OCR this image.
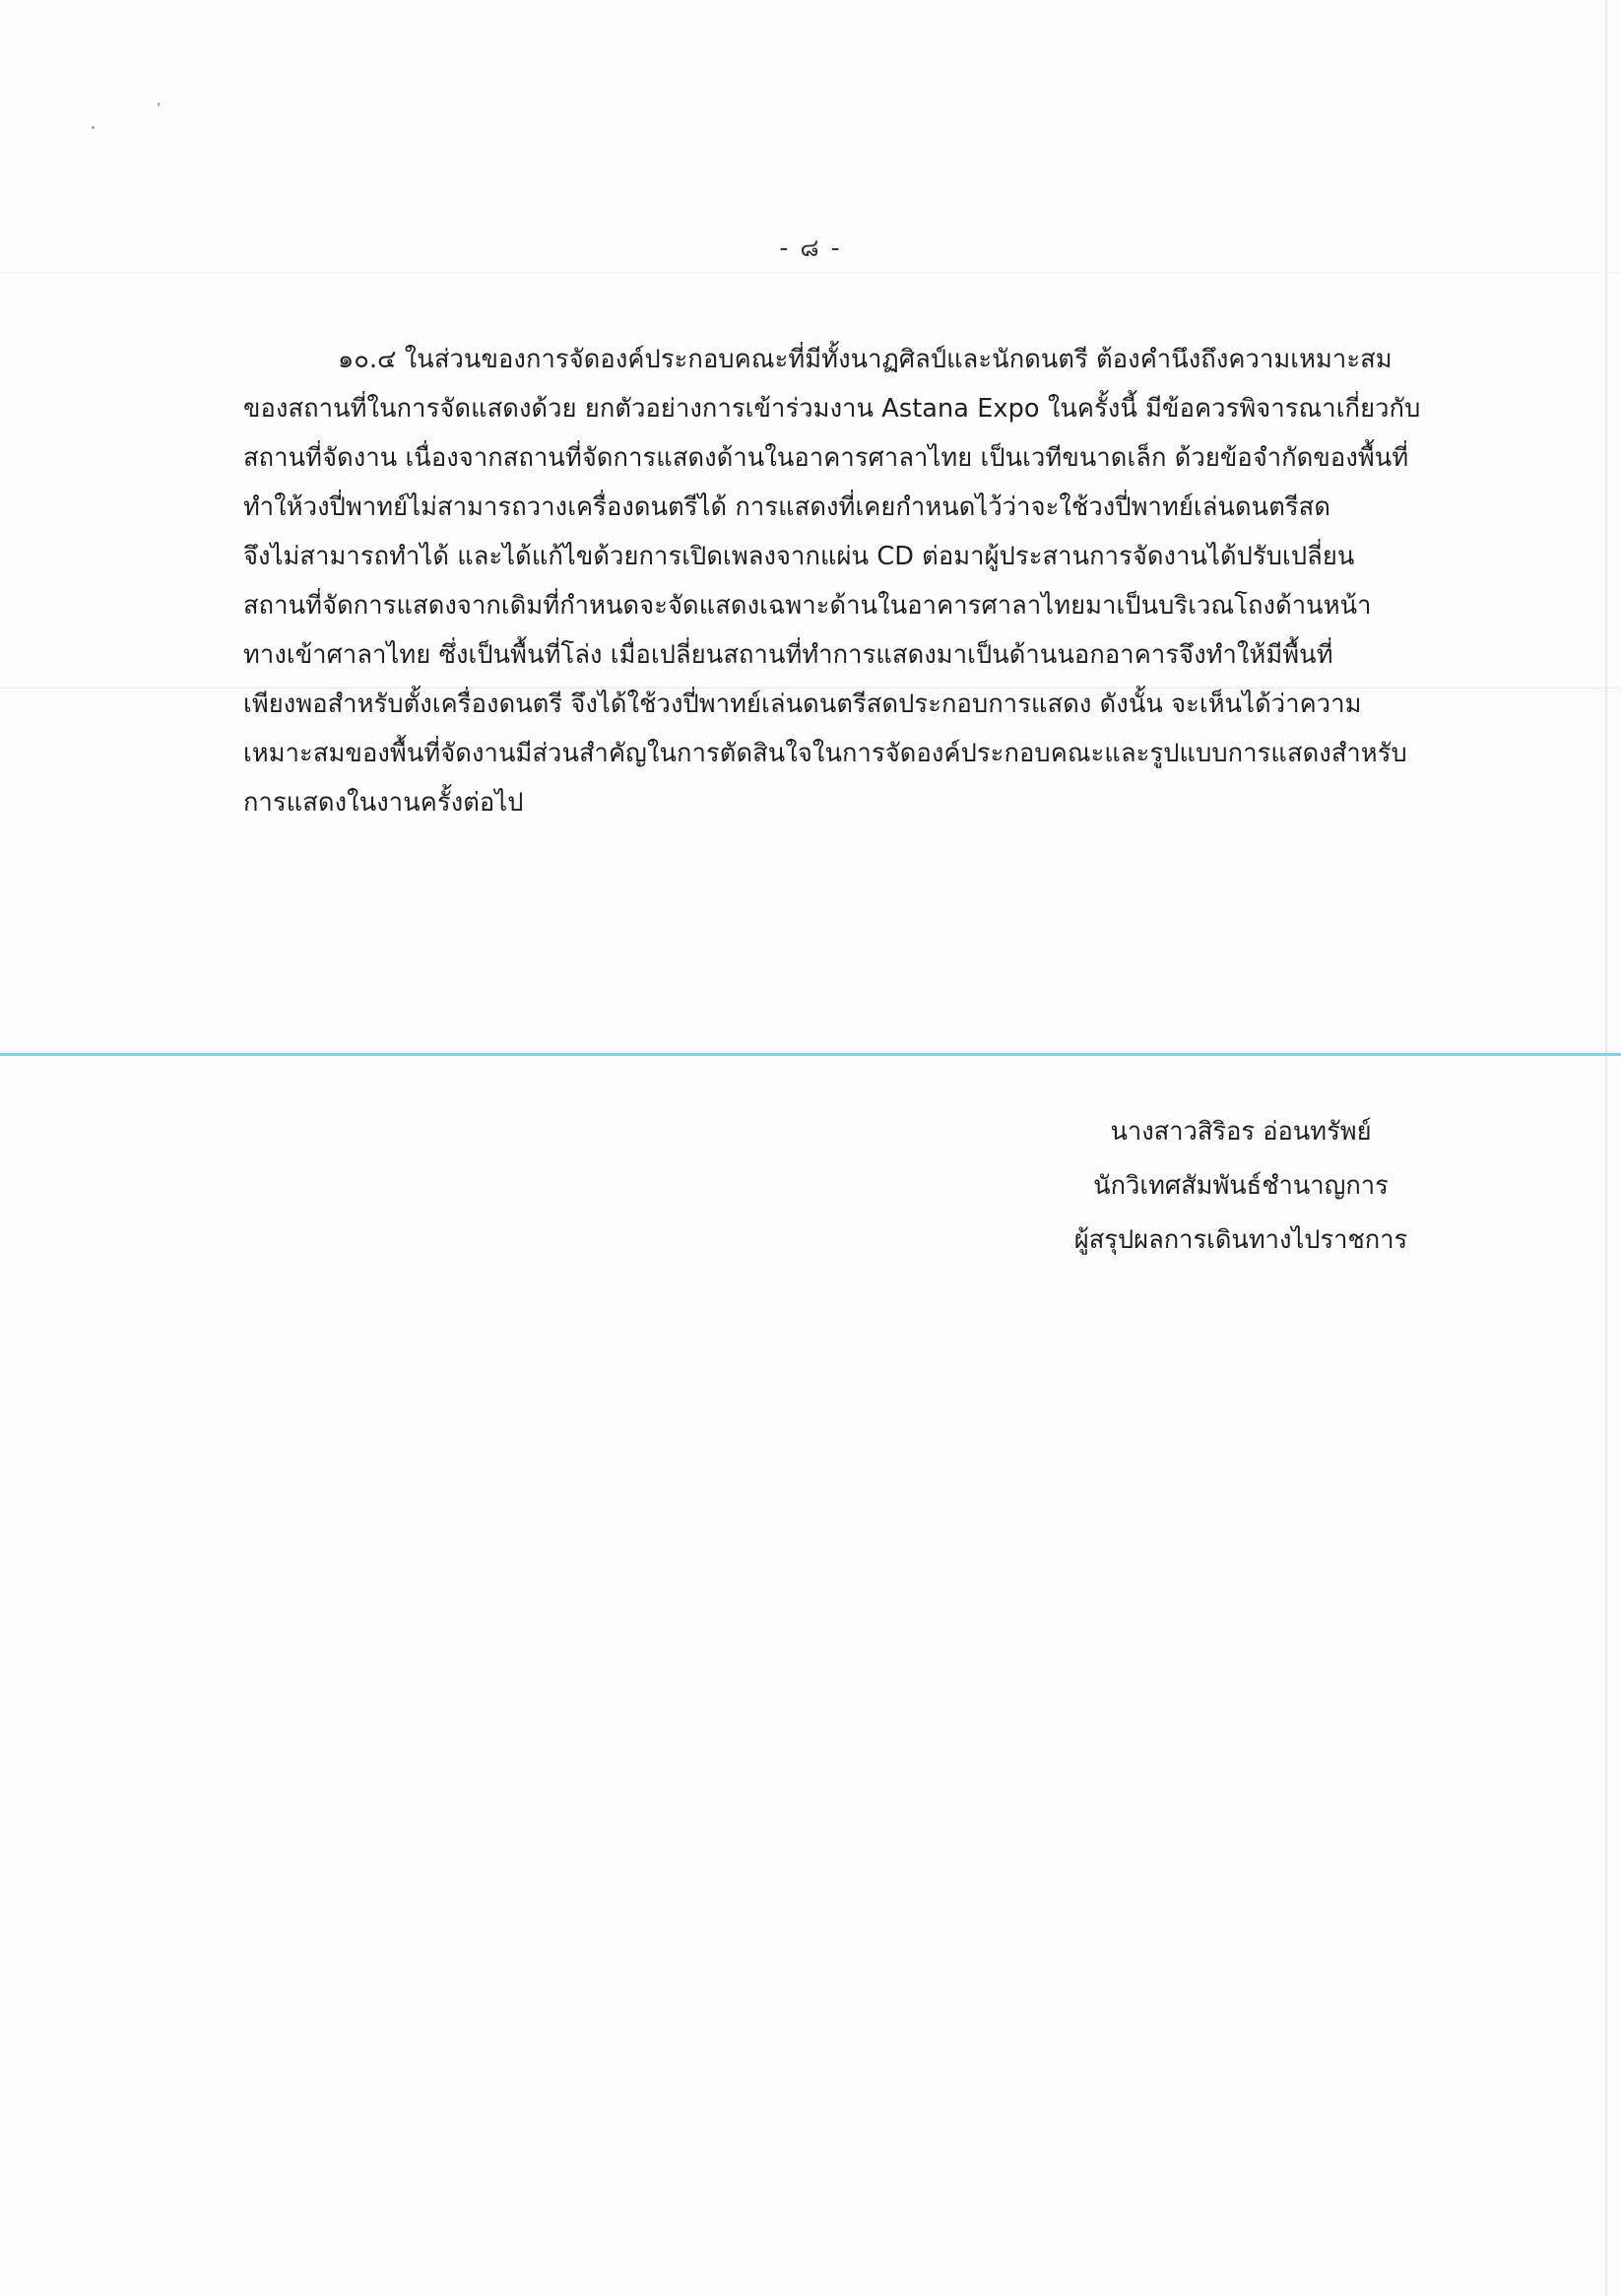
- ๘ -
๑๐.๔ ในส่วนของการจัดองค์ประกอบคณะที่มีทั้งนาฏศิลป์และนักดนตรี ต้องคำนึงถึงความเหมาะสม
ของสถานที่ในการจัดแสดงด้วย ยกตัวอย่างการเข้าร่วมงาน Astana Expo ในครั้งนี้ มีข้อควรพิจารณาเกี่ยวกับ
สถานที่จัดงาน เนื่องจากสถานที่จัดการแสดงด้านในอาคารศาลาไทย เป็นเวทีขนาดเล็ก ด้วยข้อจำกัดของพื้นที่
ทำให้วงปี่พาทย์ไม่สามารถวางเครื่องดนตรีได้ การแสดงที่เคยกำหนดไว้ว่าจะใช้วงปี่พาทย์เล่นดนตรีสด
จึงไม่สามารถทำได้ และได้แก้ไขด้วยการเปิดเพลงจากแผ่น CD ต่อมาผู้ประสานการจัดงานได้ปรับเปลี่ยน
สถานที่จัดการแสดงจากเดิมที่กำหนดจะจัดแสดงเฉพาะด้านในอาคารศาลาไทยมาเป็นบริเวณโถงด้านหน้า
ทางเข้าศาลาไทย ซึ่งเป็นพื้นที่โล่ง เมื่อเปลี่ยนสถานที่ทำการแสดงมาเป็นด้านนอกอาคารจึงทำให้มีพื้นที่
เพียงพอสำหรับตั้งเครื่องดนตรี จึงได้ใช้วงปี่พาทย์เล่นดนตรีสดประกอบการแสดง ดังนั้น จะเห็นได้ว่าความ
เหมาะสมของพื้นที่จัดงานมีส่วนสำคัญในการตัดสินใจในการจัดองค์ประกอบคณะและรูปแบบการแสดงสำหรับ
การแสดงในงานครั้งต่อไป
นางสาวสิริอร อ่อนทรัพย์
นักวิเทศสัมพันธ์ชำนาญการ
ผู้สรุปผลการเดินทางไปราชการ
